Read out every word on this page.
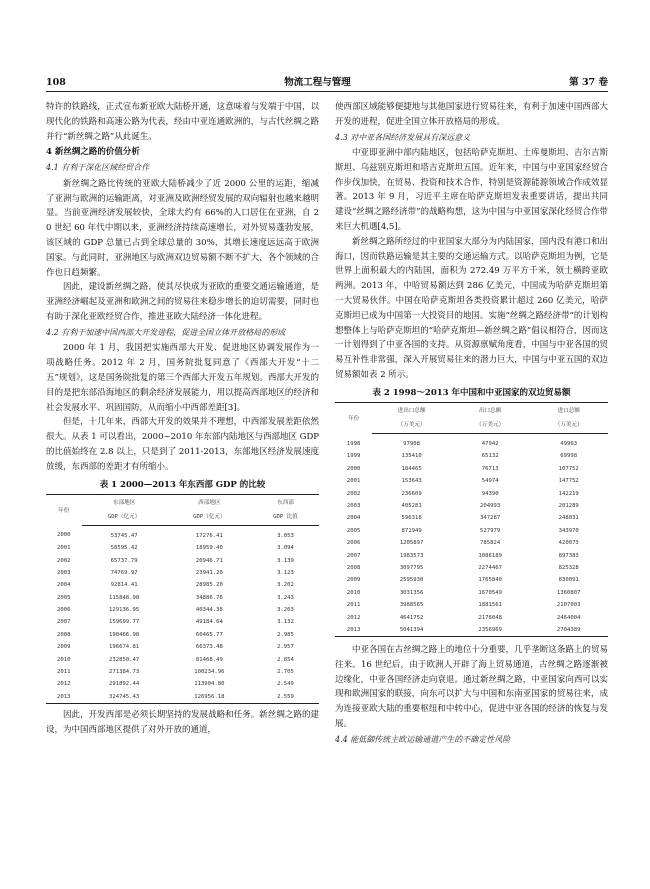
108	物流工程与管理	第 37 卷

特许的铁路线，正式宣布新亚欧大陆桥开通，这意味着与发端于中国，以现代化的铁路和高速公路为代表，经由中亚连通欧洲的，与古代丝绸之路并行“新丝绸之路”从此诞生。

4 新丝绸之路的价值分析
4.1 有利于深化区域经贸合作

新丝绸之路比传统的亚欧大陆桥减少了近 2000 公里的运距，缩减了亚洲与欧洲的运输距离，对亚洲及欧洲经贸发展的双向辐射也越来越明显。当前亚洲经济发展较快，全球大约有 66%的人口居住在亚洲，自 20 世纪 60 年代中期以来，亚洲经济持续高速增长，对外贸易蓬勃发展，该区域的 GDP 总量已占到全球总量的 30%，其增长速度远远高于欧洲国家。与此同时，亚洲地区与欧洲双边贸易额不断不扩大，各个领域的合作也日趋频繁。

因此，建设新丝绸之路，使其尽快成为亚欧的重要交通运输通道，是亚洲经济崛起及亚洲和欧洲之间的贸易往来稳步增长的迫切需要，同时也有助于深化亚欧经贸合作，推进亚欧大陆经济一体化进程。

4.2 有利于加速中国西部大开发进程，促进全国立体开放格局的形成

2000 年 1 月，我国把实施西部大开发、促进地区协调发展作为一项战略任务。2012 年 2 月，国务院批复同意了《西部大开发“十二五”规划》，这是国务院批复的第三个西部大开发五年规划。西部大开发的目的是把东部沿海地区的剩余经济发展能力，用以提高西部地区的经济和社会发展水平、巩固国防，从而缩小中西部差距[3]。

但是，十几年来，西部大开发的效果并不理想，中西部发展差距依然很大。从表 1 可以看出，2000~2010 年东部内陆地区与西部地区 GDP 的比值始终在 2.8 以上，只是到了 2011-2013，东部地区经济发展速度放缓，东西部的差距才有所缩小。

表 1 2000—2013 年东西部 GDP 的比较
年份	东部地区	西部地区	东西部
	GDP（亿元）	GDP（亿元）	GDP 比值
2000	53745.47	17276.41	3.053
2001	58595.42	18959.40	3.094
2002	65737.79	20946.71	3.139
2003	74769.97	23941.20	3.123
2004	92814.41	28985.20	3.202
2005	115848.98	34886.76	3.243
2006	129136.95	40344.38	3.203
2007	159699.77	49184.64	3.132
2008	190466.98	60465.77	2.985
2009	196674.81	66373.48	2.957
2010	232850.47	81468.49	2.854
2011	271384.73	100234.96	2.705
2012	291892.44	113904.80	2.549
2013	324745.43	126956.18	2.559

因此，开发西部是必须长期坚持的发展战略和任务。新丝绸之路的建设，为中国西部地区提供了对外开放的通道，

使西部区域能够便捷地与其他国家进行贸易往来，有利于加速中国西部大开发的进程，促进全国立体开放格局的形成。

4.3 对中亚各国经济发展具有深远意义

中亚即亚洲中部内陆地区，包括哈萨克斯坦、土库曼斯坦、吉尔吉斯斯坦、乌兹别克斯坦和塔吉克斯坦五国。近年来，中国与中亚国家经贸合作步伐加快，在贸易、投资和技术合作，特别是资源能源领域合作成效显著。2013 年 9 月，习近平主席在哈萨克斯坦发表重要讲话，提出共同建设“丝绸之路经济带”的战略构想，这为中国与中亚国家深化经贸合作带来巨大机遇[4,5]。

新丝绸之路所经过的中亚国家大部分为内陆国家，国内没有港口和出海口，因而铁路运输是其主要的交通运输方式。以哈萨克斯坦为例，它是世界上面积最大的内陆国，面积为 272.49 万平方千米，领土横跨亚欧两洲。2013 年，中哈贸易额达到 286 亿美元，中国成为哈萨克斯坦第一大贸易伙伴。中国在哈萨克斯坦各类投资累计超过 260 亿美元，哈萨克斯坦已成为中国第一大投资目的地国。实施“丝绸之路经济带”的计划构想整体上与哈萨克斯坦的“哈萨克斯坦—新丝绸之路”倡议相符合，因而这一计划得到了中亚各国的支持。从资源禀赋角度看，中国与中亚各国的贸易互补性非常强，深入开展贸易往来的潜力巨大，中国与中亚五国的双边贸易额如表 2 所示。

表 2 1998～2013 年中国和中亚国家的双边贸易额
年份	进出口总额	出口总额	进口总额
	（万美元）	（万美元）	（万美元）
1998	97908	47942	49963
1999	135410	65132	69998
2000	184465	76713	107752
2001	153643	54974	147752
2002	236609	94390	142219
2003	405281	204993	201289
2004	596318	347287	248031
2005	871949	527979	343970
2006	1205897	785824	420073
2007	1983573	1086189	897383
2008	3097795	2274467	825328
2009	2595930	1765840	830091
2010	3031356	1670549	1360807
2011	3988565	1881561	2107003
2012	4641752	2176048	2464004
2013	5041394	2356969	2704389

中亚各国在古丝绸之路上的地位十分重要，几乎垄断这条路上的贸易往来。16 世纪后，由于欧洲人开辟了海上贸易通道，古丝绸之路逐渐被边缘化，中亚各国经济走向衰退。通过新丝绸之路，中亚国家向西可以实现和欧洲国家的联接，向东可以扩大与中国和东南亚国家的贸易往来，成为连接亚欧大陆的重要枢纽和中转中心，促进中亚各国的经济的恢复与发展。

4.4 能低御传统主欧运输通道产生的不确定性风险
